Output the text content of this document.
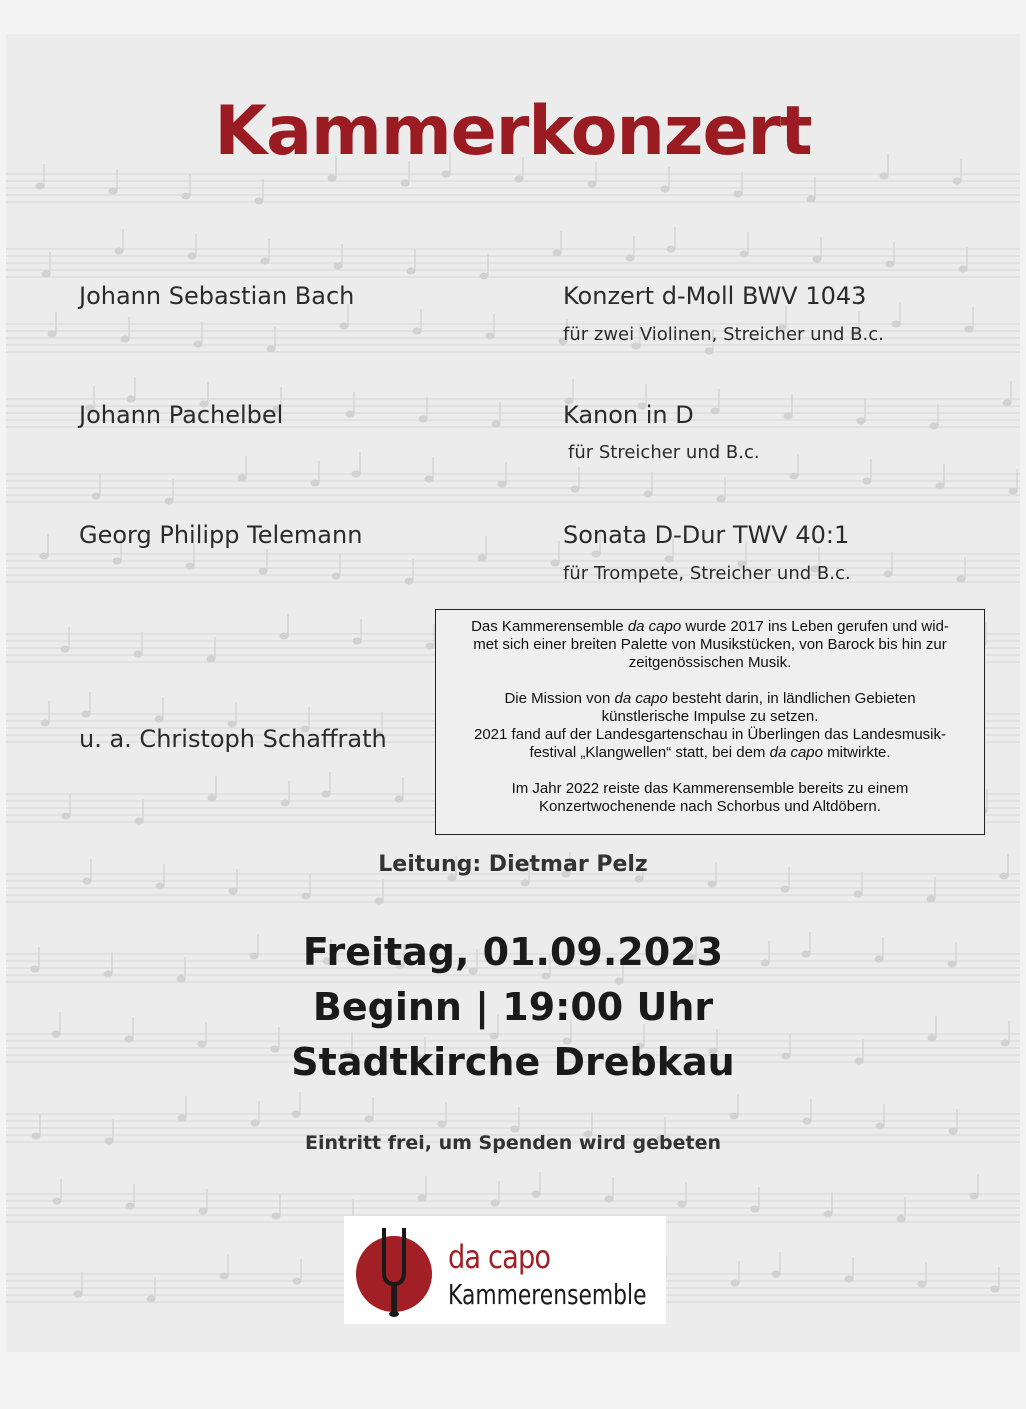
Kammerkonzert
Johann Sebastian Bach	Konzert d-Moll BWV 1043
für zwei Violinen, Streicher und B.c.
Johann Pachelbel	Kanon in D
für Streicher und B.c.
Georg Philipp Telemann	Sonata D-Dur TWV 40:1
für Trompete, Streicher und B.c.
u. a. Christoph Schaffrath

Das Kammerensemble da capo wurde 2017 ins Leben gerufen und wid-
met sich einer breiten Palette von Musikstücken, von Barock bis hin zur
zeitgenössischen Musik.

Die Mission von da capo besteht darin, in ländlichen Gebieten
künstlerische Impulse zu setzen.
2021 fand auf der Landesgartenschau in Überlingen das Landesmusik-
festival „Klangwellen“ statt, bei dem da capo mitwirkte.

Im Jahr 2022 reiste das Kammerensemble bereits zu einem
Konzertwochenende nach Schorbus und Altdöbern.

Leitung: Dietmar Pelz
Freitag, 01.09.2023
Beginn | 19:00 Uhr
Stadtkirche Drebkau
Eintritt frei, um Spenden wird gebeten
da capo
Kammerensemble
